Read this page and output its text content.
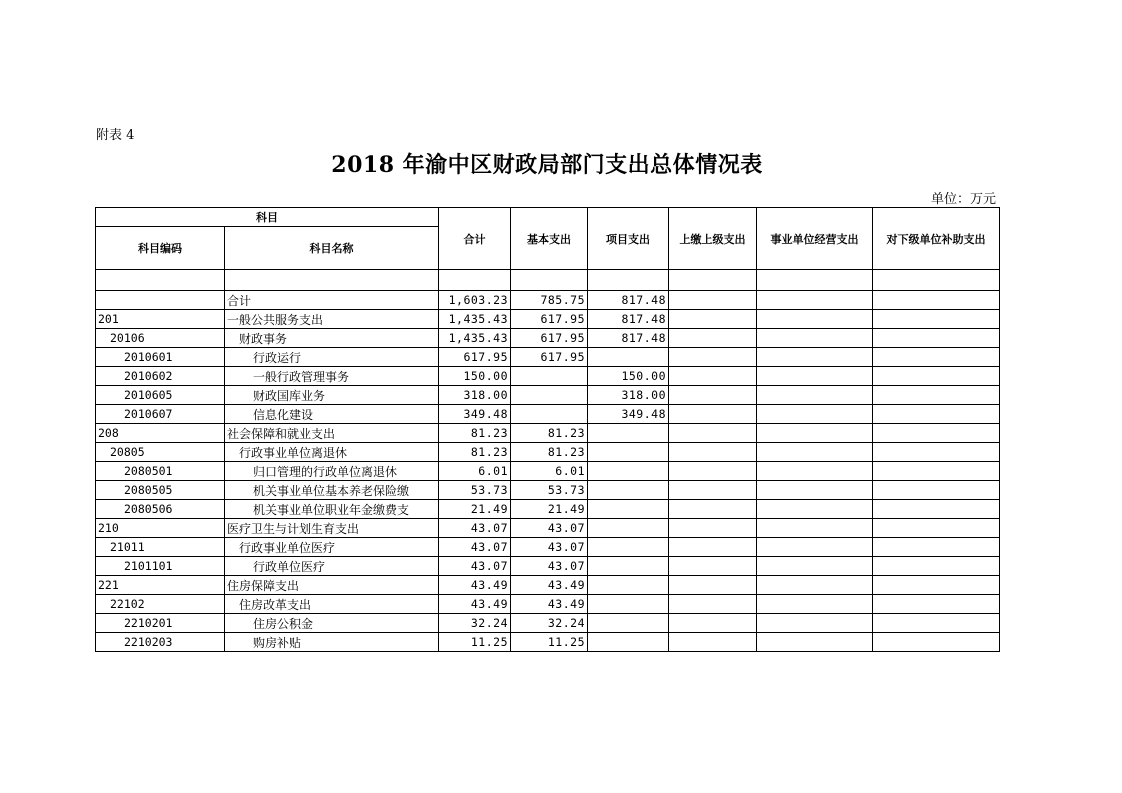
附表 4
2018 年渝中区财政局部门支出总体情况表
单位：万元
科目		合计	基本支出	项目支出	上缴上级支出	事业单位经营支出	对下级单位补助支出
科目编码	科目名称						

	合计	1,603.23	785.75	817.48			
201	一般公共服务支出	1,435.43	617.95	817.48			
20106	财政事务	1,435.43	617.95	817.48			
2010601	行政运行	617.95	617.95				
2010602	一般行政管理事务	150.00		150.00			
2010605	财政国库业务	318.00		318.00			
2010607	信息化建设	349.48		349.48			
208	社会保障和就业支出	81.23	81.23				
20805	行政事业单位离退休	81.23	81.23				
2080501	归口管理的行政单位离退休	6.01	6.01				
2080505	机关事业单位基本养老保险缴	53.73	53.73				
2080506	机关事业单位职业年金缴费支	21.49	21.49				
210	医疗卫生与计划生育支出	43.07	43.07				
21011	行政事业单位医疗	43.07	43.07				
2101101	行政单位医疗	43.07	43.07				
221	住房保障支出	43.49	43.49				
22102	住房改革支出	43.49	43.49				
2210201	住房公积金	32.24	32.24				
2210203	购房补贴	11.25	11.25				
